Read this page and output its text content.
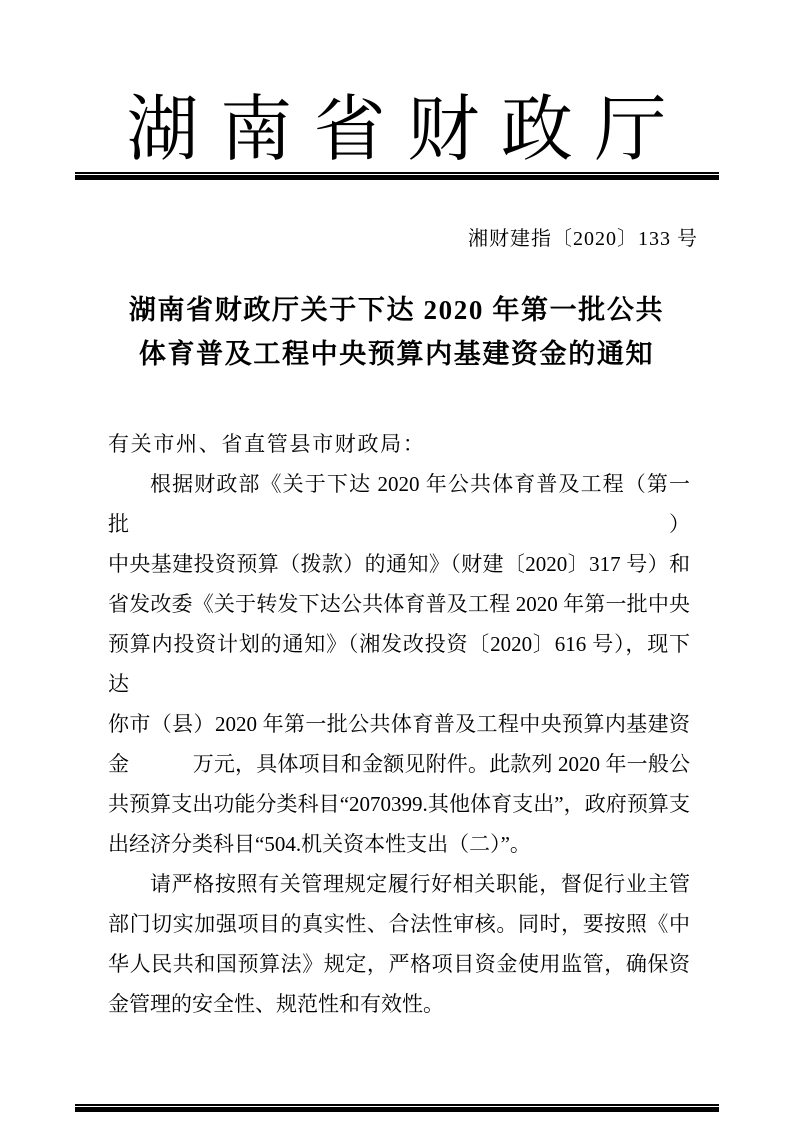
湖南省财政厅
湘财建指〔2020〕133 号
湖南省财政厅关于下达 2020 年第一批公共
体育普及工程中央预算内基建资金的通知
有关市州、省直管县市财政局：
根据财政部《关于下达 2020 年公共体育普及工程（第一批）
中央基建投资预算（拨款）的通知》（财建〔2020〕317 号）和
省发改委《关于转发下达公共体育普及工程 2020 年第一批中央
预算内投资计划的通知》（湘发改投资〔2020〕616 号），现下达
你市（县）2020 年第一批公共体育普及工程中央预算内基建资
金　　　万元，具体项目和金额见附件。此款列 2020 年一般公
共预算支出功能分类科目“2070399.其他体育支出”，政府预算支
出经济分类科目“504.机关资本性支出（二）”。
请严格按照有关管理规定履行好相关职能，督促行业主管
部门切实加强项目的真实性、合法性审核。同时，要按照《中
华人民共和国预算法》规定，严格项目资金使用监管，确保资
金管理的安全性、规范性和有效性。
